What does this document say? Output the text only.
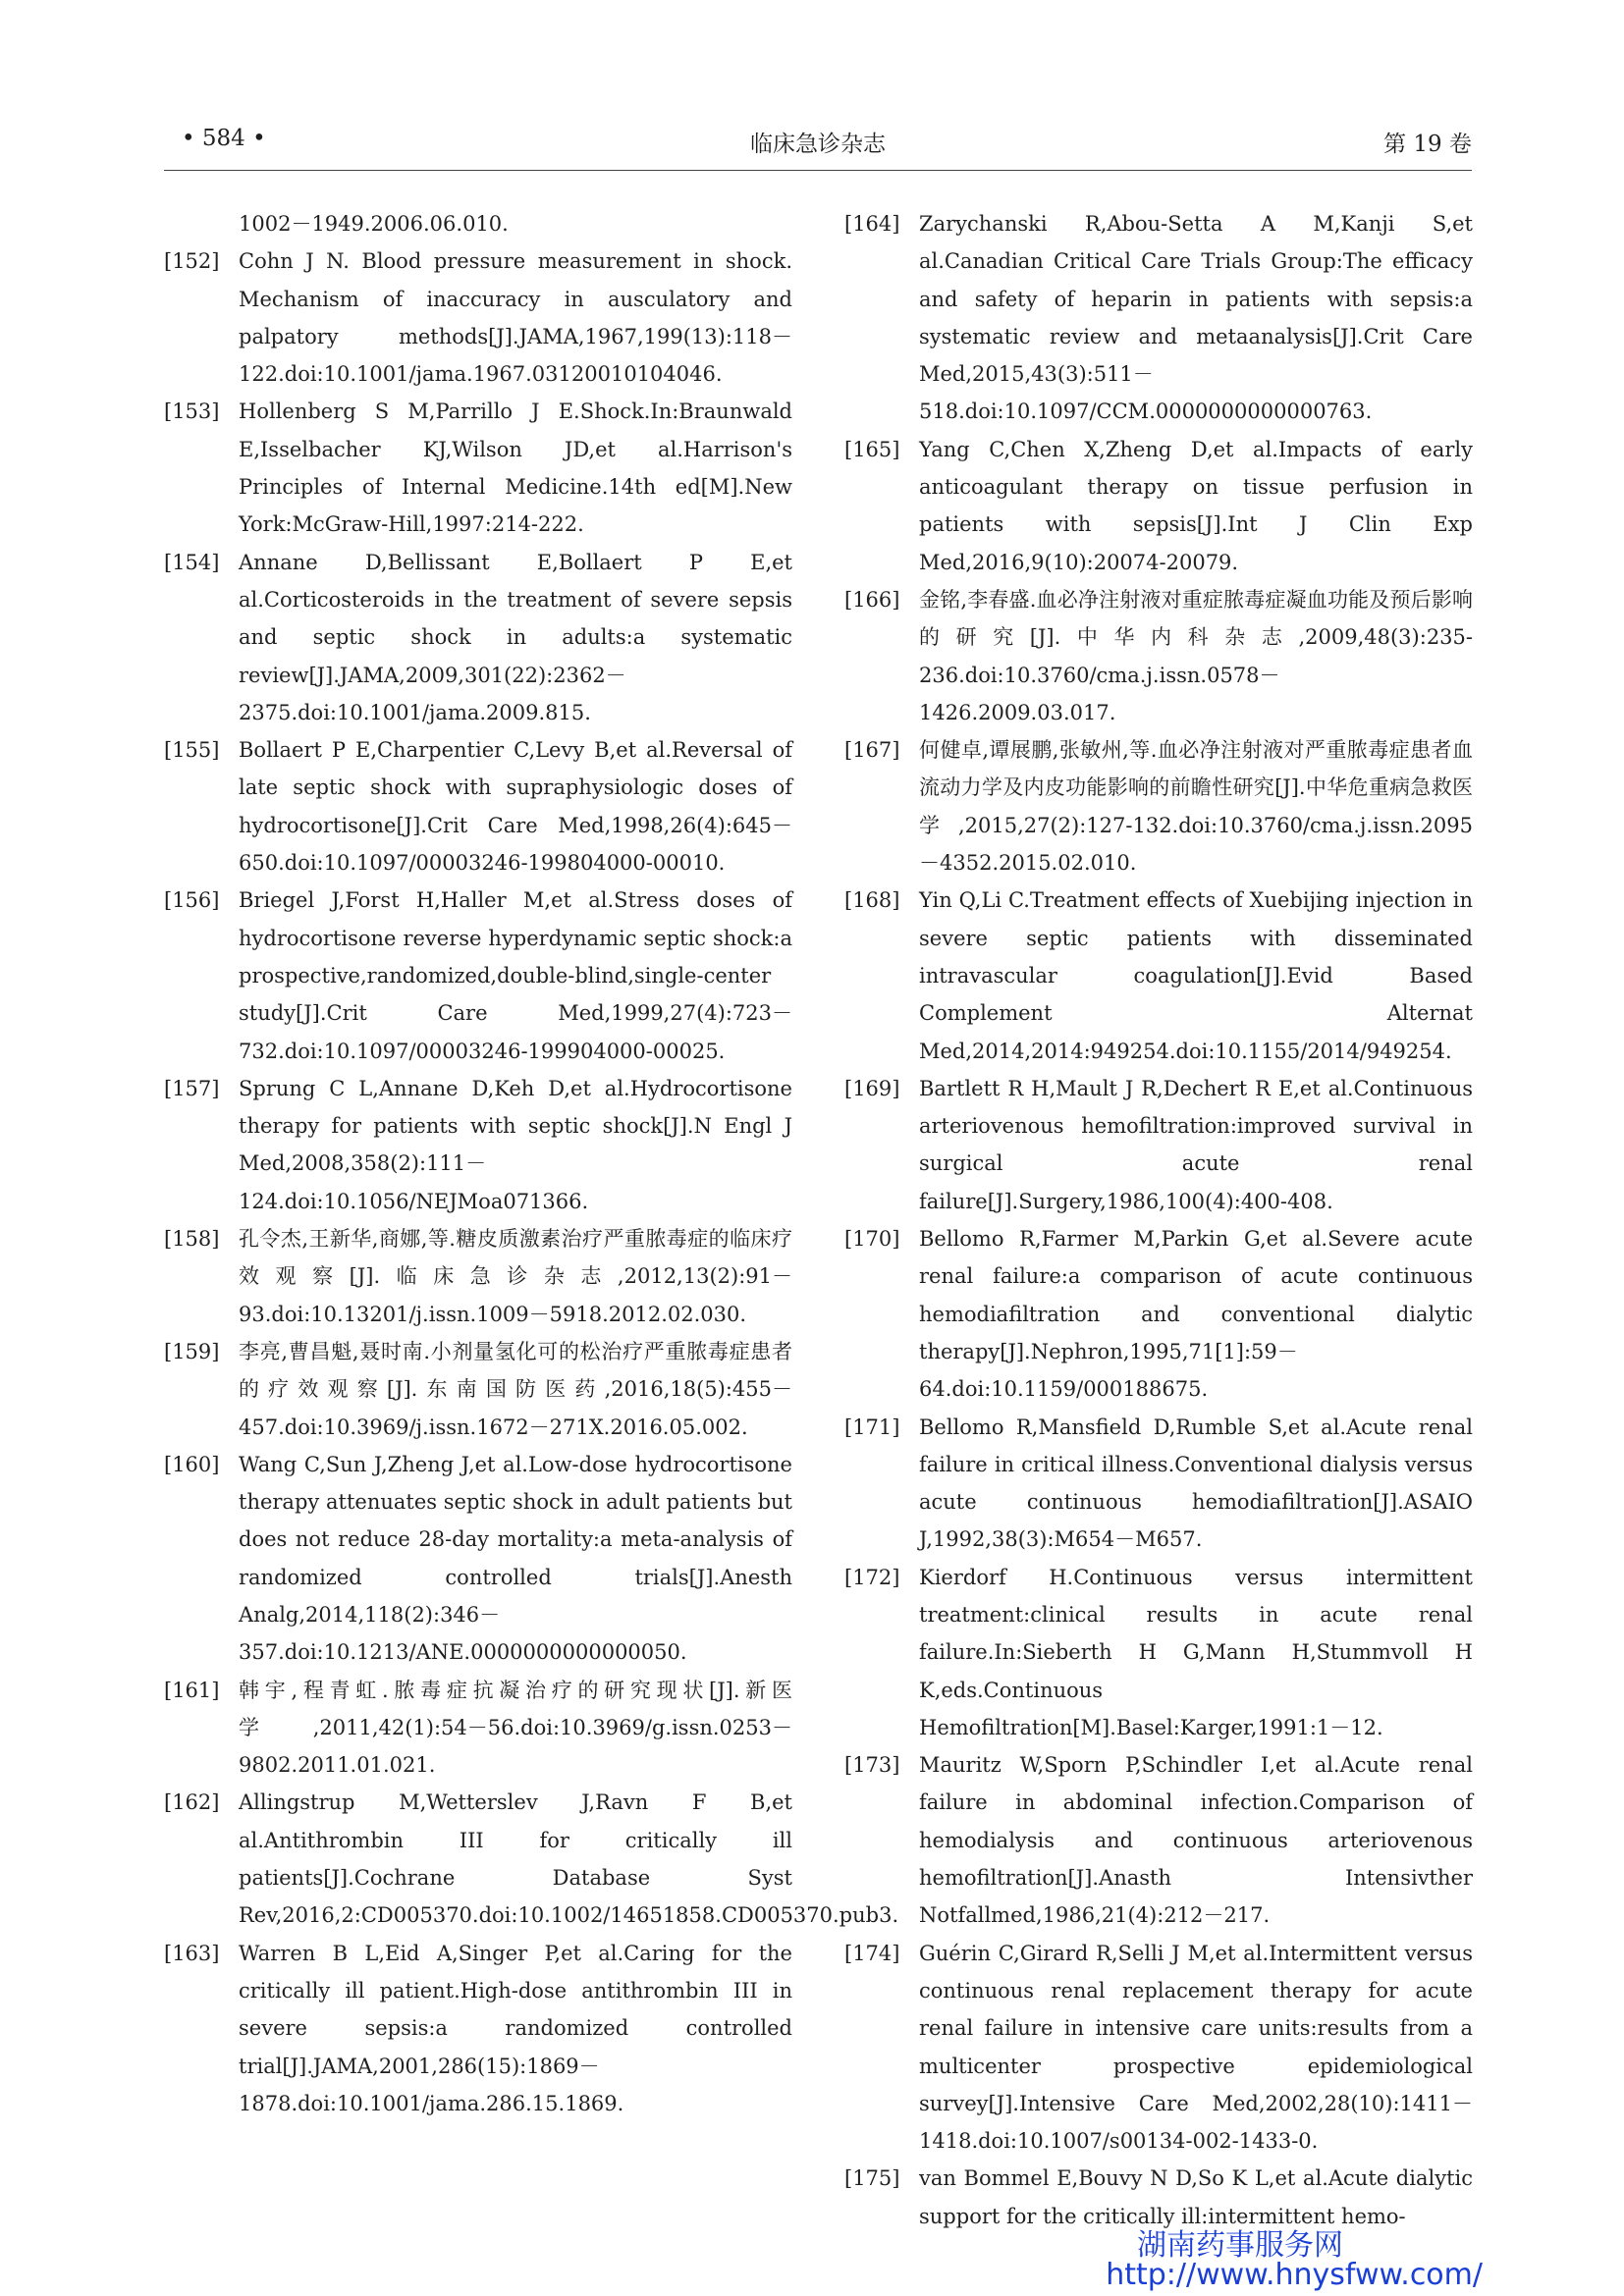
• 584 •	临床急诊杂志	第 19 卷
1002－1949.2006.06.010.
[152] Cohn J N. Blood pressure measurement in shock. Mechanism of inaccuracy in ausculatory and palpatory methods[J].JAMA,1967,199(13):118－122.doi:10.1001/jama.1967.03120010104046.
[153] Hollenberg S M,Parrillo J E.Shock.In:Braunwald E,Isselbacher KJ,Wilson JD,et al.Harrison's Principles of Internal Medicine.14th ed[M].New York:McGraw-Hill,1997:214-222.
[154] Annane D,Bellissant E,Bollaert P E,et al.Corticosteroids in the treatment of severe sepsis and septic shock in adults:a systematic review[J].JAMA,2009,301(22):2362－2375.doi:10.1001/jama.2009.815.
[155] Bollaert P E,Charpentier C,Levy B,et al.Reversal of late septic shock with supraphysiologic doses of hydrocortisone[J].Crit Care Med,1998,26(4):645－650.doi:10.1097/00003246-199804000-00010.
[156] Briegel J,Forst H,Haller M,et al.Stress doses of hydrocortisone reverse hyperdynamic septic shock:a prospective,randomized,double-blind,single-center study[J].Crit Care Med,1999,27(4):723－732.doi:10.1097/00003246-199904000-00025.
[157] Sprung C L,Annane D,Keh D,et al.Hydrocortisone therapy for patients with septic shock[J].N Engl J Med,2008,358(2):111－124.doi:10.1056/NEJMoa071366.
[158] 孔令杰,王新华,商娜,等.糖皮质激素治疗严重脓毒症的临床疗效观察[J].临床急诊杂志,2012,13(2):91－93.doi:10.13201/j.issn.1009－5918.2012.02.030.
[159] 李亮,曹昌魁,聂时南.小剂量氢化可的松治疗严重脓毒症患者的疗效观察[J].东南国防医药,2016,18(5):455－457.doi:10.3969/j.issn.1672－271X.2016.05.002.
[160] Wang C,Sun J,Zheng J,et al.Low-dose hydrocortisone therapy attenuates septic shock in adult patients but does not reduce 28-day mortality:a meta-analysis of randomized controlled trials[J].Anesth Analg,2014,118(2):346－357.doi:10.1213/ANE.0000000000000050.
[161] 韩宇,程青虹.脓毒症抗凝治疗的研究现状[J].新医学,2011,42(1):54－56.doi:10.3969/g.issn.0253－9802.2011.01.021.
[162] Allingstrup M,Wetterslev J,Ravn F B,et al.Antithrombin III for critically ill patients[J].Cochrane Database Syst Rev,2016,2:CD005370.doi:10.1002/14651858.CD005370.pub3.
[163] Warren B L,Eid A,Singer P,et al.Caring for the critically ill patient.High-dose antithrombin III in severe sepsis:a randomized controlled trial[J].JAMA,2001,286(15):1869－1878.doi:10.1001/jama.286.15.1869.
[164] Zarychanski R,Abou-Setta A M,Kanji S,et al.Canadian Critical Care Trials Group:The efficacy and safety of heparin in patients with sepsis:a systematic review and metaanalysis[J].Crit Care Med,2015,43(3):511－518.doi:10.1097/CCM.0000000000000763.
[165] Yang C,Chen X,Zheng D,et al.Impacts of early anticoagulant therapy on tissue perfusion in patients with sepsis[J].Int J Clin Exp Med,2016,9(10):20074-20079.
[166] 金铭,李春盛.血必净注射液对重症脓毒症凝血功能及预后影响的研究[J].中华内科杂志,2009,48(3):235-236.doi:10.3760/cma.j.issn.0578－1426.2009.03.017.
[167] 何健卓,谭展鹏,张敏州,等.血必净注射液对严重脓毒症患者血流动力学及内皮功能影响的前瞻性研究[J].中华危重病急救医学,2015,27(2):127-132.doi:10.3760/cma.j.issn.2095－4352.2015.02.010.
[168] Yin Q,Li C.Treatment effects of Xuebijing injection in severe septic patients with disseminated intravascular coagulation[J].Evid Based Complement Alternat Med,2014,2014:949254.doi:10.1155/2014/949254.
[169] Bartlett R H,Mault J R,Dechert R E,et al.Continuous arteriovenous hemofiltration:improved survival in surgical acute renal failure[J].Surgery,1986,100(4):400-408.
[170] Bellomo R,Farmer M,Parkin G,et al.Severe acute renal failure:a comparison of acute continuous hemodiafiltration and conventional dialytic therapy[J].Nephron,1995,71[1]:59－64.doi:10.1159/000188675.
[171] Bellomo R,Mansfield D,Rumble S,et al.Acute renal failure in critical illness.Conventional dialysis versus acute continuous hemodiafiltration[J].ASAIO J,1992,38(3):M654－M657.
[172] Kierdorf H.Continuous versus intermittent treatment:clinical results in acute renal failure.In:Sieberth H G,Mann H,Stummvoll H K,eds.Continuous Hemofiltration[M].Basel:Karger,1991:1－12.
[173] Mauritz W,Sporn P,Schindler I,et al.Acute renal failure in abdominal infection.Comparison of hemodialysis and continuous arteriovenous hemofiltration[J].Anasth Intensivther Notfallmed,1986,21(4):212－217.
[174] Guérin C,Girard R,Selli J M,et al.Intermittent versus continuous renal replacement therapy for acute renal failure in intensive care units:results from a multicenter prospective epidemiological survey[J].Intensive Care Med,2002,28(10):1411－1418.doi:10.1007/s00134-002-1433-0.
[175] van Bommel E,Bouvy N D,So K L,et al.Acute dialytic support for the critically ill:intermittent hemo-
湖南药事服务网
http://www.hnysfww.com/
